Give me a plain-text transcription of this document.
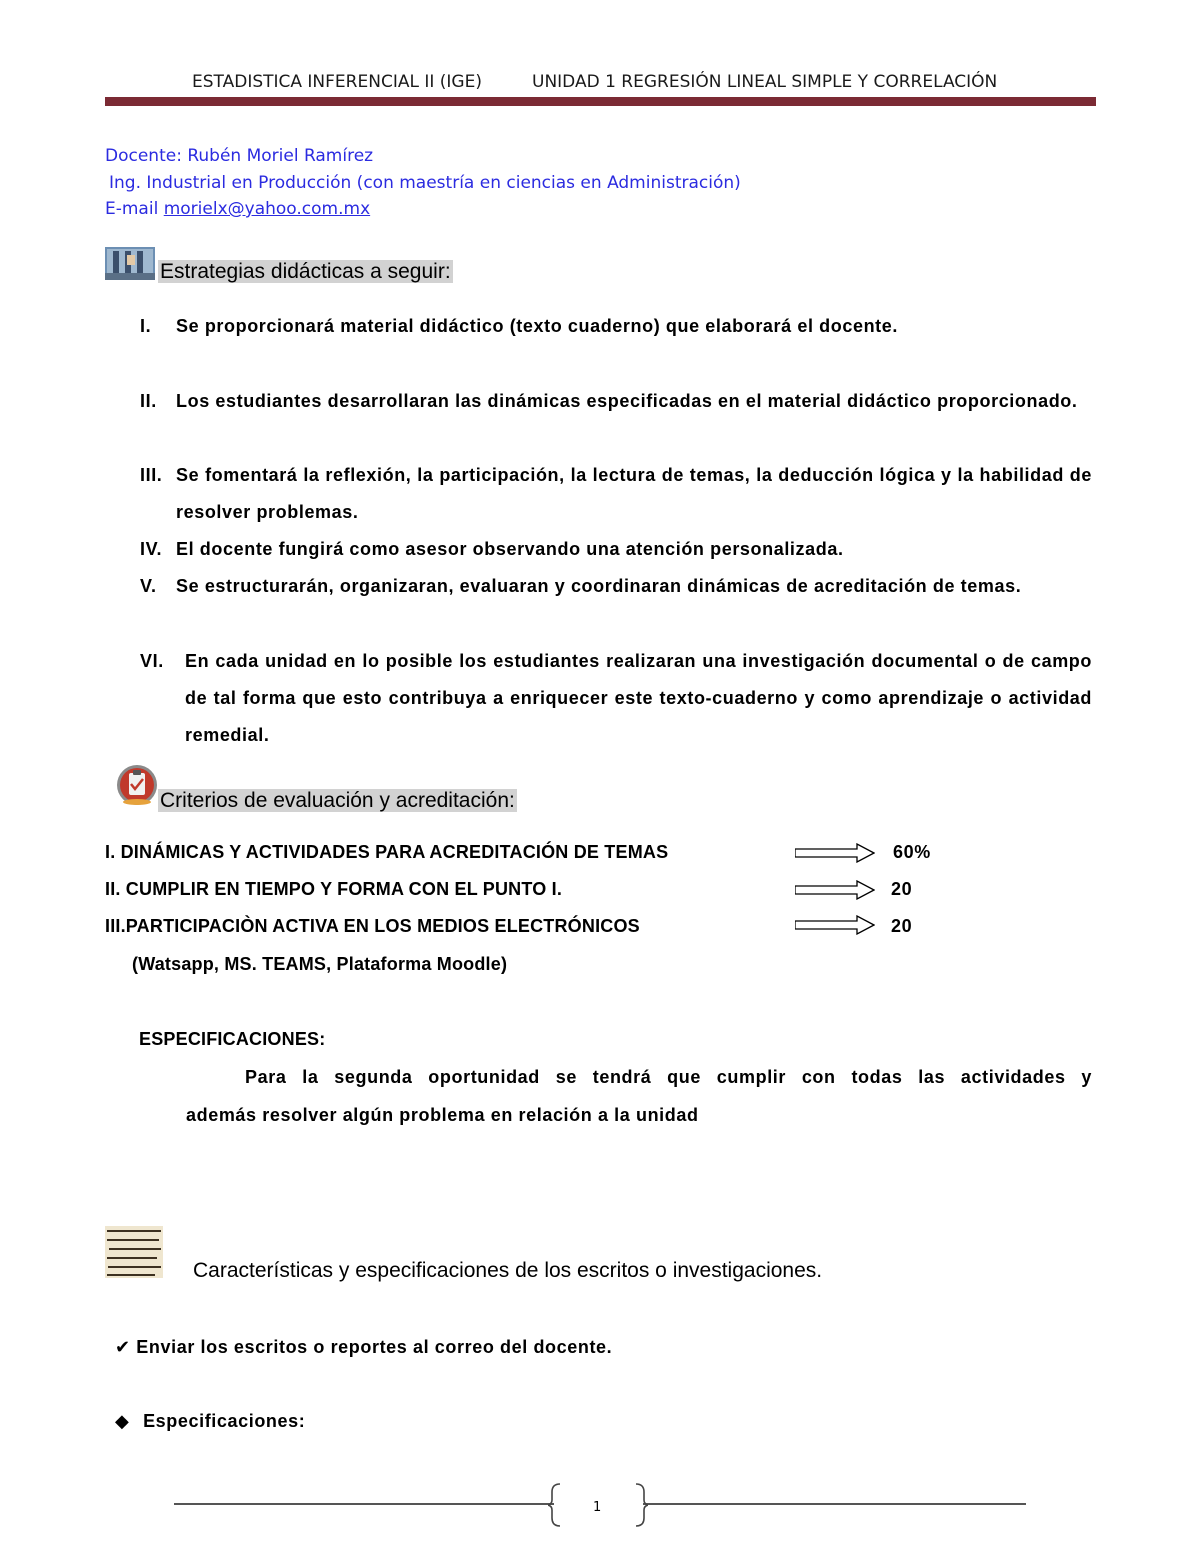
ESTADISTICA INFERENCIAL II (IGE)	UNIDAD 1 REGRESIÓN LINEAL SIMPLE Y CORRELACIÓN
Docente: Rubén Moriel Ramírez
Ing. Industrial en Producción (con maestría en ciencias en Administración)
E-mail morielx@yahoo.com.mx
Estrategias didácticas a seguir:
I. Se proporcionará material didáctico (texto cuaderno) que elaborará el docente.
II. Los estudiantes desarrollaran las dinámicas especificadas en el material didáctico proporcionado.
III. Se fomentará la reflexión, la participación, la lectura de temas, la deducción lógica y la habilidad de resolver problemas.
IV. El docente fungirá como asesor observando una atención personalizada.
V. Se estructurarán, organizaran, evaluaran y coordinaran dinámicas de acreditación de temas.
VI. En cada unidad en lo posible los estudiantes realizaran una investigación documental o de campo de tal forma que esto contribuya a enriquecer este texto-cuaderno y como aprendizaje o actividad remedial.
Criterios de evaluación y acreditación:
I. DINÁMICAS Y ACTIVIDADES PARA ACREDITACIÓN DE TEMAS	60%
II. CUMPLIR EN TIEMPO Y FORMA CON EL PUNTO I.	20
III.PARTICIPACIÒN ACTIVA EN LOS MEDIOS ELECTRÓNICOS	20
(Watsapp, MS. TEAMS, Plataforma Moodle)
ESPECIFICACIONES:
Para la segunda oportunidad se tendrá que cumplir con todas las actividades y
además resolver algún problema en relación a la unidad
Características y especificaciones de los escritos o investigaciones.
✔ Enviar los escritos o reportes al correo del docente.
◆ Especificaciones:
1
